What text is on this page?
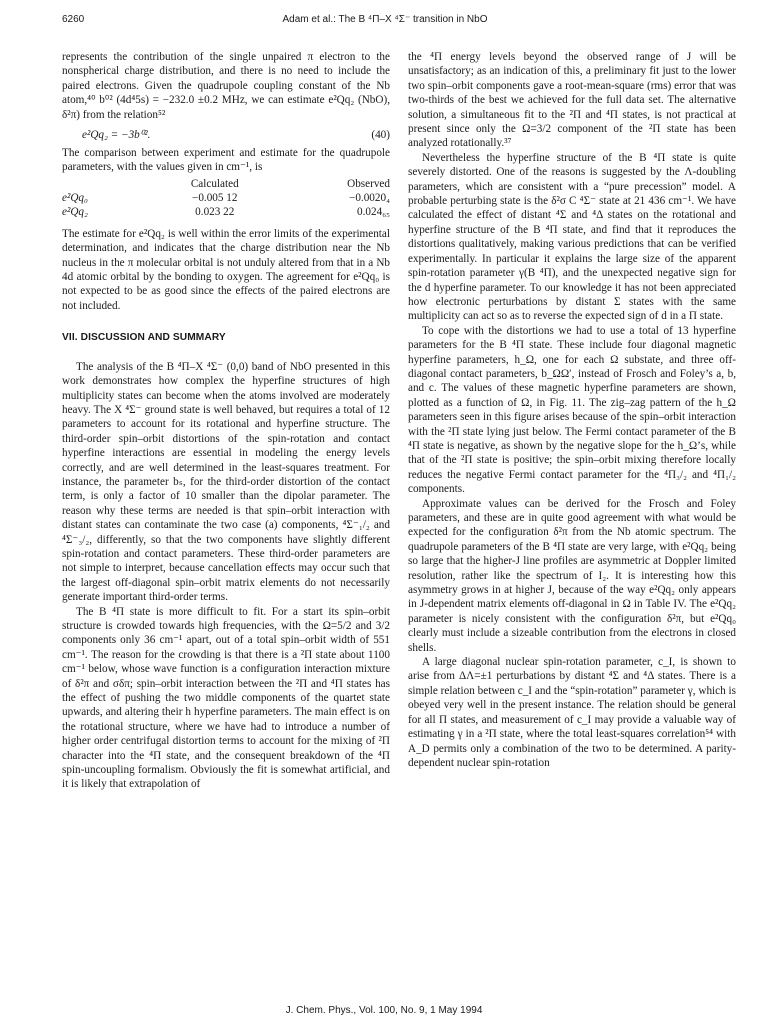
6260	Adam et al.: The B ⁴Π–X ⁴Σ⁻ transition in NbO

represents the contribution of the single unpaired π electron to the nonspherical charge distribution, and there is no need to include the paired electrons. Given the quadrupole coupling constant of the Nb atom,⁴⁰ b⁰² (4d⁴5s) = −232.0 ±0.2 MHz, we can estimate e²Qq₂ (NbO), δ²π) from the relation⁵²

e²Qq₂ = −3b⁰².	(40)

The comparison between experiment and estimate for the quadrupole parameters, with the values given in cm⁻¹, is

	Calculated	Observed
e²Qq₀	−0.005 12	−0.0020₄
e²Qq₂	0.023 22	0.024₆₅

The estimate for e²Qq₂ is well within the error limits of the experimental determination, and indicates that the charge distribution near the Nb nucleus in the π molecular orbital is not unduly altered from that in a Nb 4d atomic orbital by the bonding to oxygen. The agreement for e²Qq₀ is not expected to be as good since the effects of the paired electrons are not included.

VII. DISCUSSION AND SUMMARY

The analysis of the B ⁴Π–X ⁴Σ⁻ (0,0) band of NbO presented in this work demonstrates how complex the hyperfine structures of high multiplicity states can become when the atoms involved are moderately heavy. The X ⁴Σ⁻ ground state is well behaved, but requires a total of 12 parameters to account for its rotational and hyperfine structure. The third-order spin–orbit distortions of the spin-rotation and contact hyperfine interactions are essential in modeling the energy levels correctly, and are well determined in the least-squares treatment. For instance, the parameter bₛ, for the third-order distortion of the contact term, is only a factor of 10 smaller than the dipolar parameter. The reason why these terms are needed is that spin–orbit interaction with distant states can contaminate the two case (a) components, ⁴Σ⁻₁/₂ and ⁴Σ⁻₃/₂, differently, so that the two components have slightly different spin-rotation and contact parameters. These third-order parameters are not simple to interpret, because cancellation effects may occur such that the largest off-diagonal spin–orbit matrix elements do not necessarily generate important third-order terms.

The B ⁴Π state is more difficult to fit. For a start its spin–orbit structure is crowded towards high frequencies, with the Ω=5/2 and 3/2 components only 36 cm⁻¹ apart, out of a total spin–orbit width of 551 cm⁻¹. The reason for the crowding is that there is a ²Π state about 1100 cm⁻¹ below, whose wave function is a configuration interaction mixture of δ²π and σδπ; spin–orbit interaction between the ²Π and ⁴Π states has the effect of pushing the two middle components of the quartet state upwards, and altering their h hyperfine parameters. The main effect is on the rotational structure, where we have had to introduce a number of higher order centrifugal distortion terms to account for the mixing of ²Π character into the ⁴Π state, and the consequent breakdown of the ⁴Π spin-uncoupling formalism. Obviously the fit is somewhat artificial, and it is likely that extrapolation of

the ⁴Π energy levels beyond the observed range of J will be unsatisfactory; as an indication of this, a preliminary fit just to the lower two spin–orbit components gave a root-mean-square (rms) error that was two-thirds of the best we achieved for the full data set. The alternative solution, a simultaneous fit to the ²Π and ⁴Π states, is not practical at present since only the Ω=3/2 component of the ²Π state has been analyzed rotationally.³⁷

Nevertheless the hyperfine structure of the B ⁴Π state is quite severely distorted. One of the reasons is suggested by the Λ-doubling parameters, which are consistent with a “pure precession” model. A probable perturbing state is the δ²σ C ⁴Σ⁻ state at 21 436 cm⁻¹. We have calculated the effect of distant ⁴Σ and ⁴Δ states on the rotational and hyperfine structure of the B ⁴Π state, and find that it reproduces the distortions qualitatively, making various predictions that can be verified experimentally. In particular it explains the large size of the apparent spin-rotation parameter γ(B ⁴Π), and the unexpected negative sign for the d hyperfine parameter. To our knowledge it has not been appreciated how electronic perturbations by distant Σ states with the same multiplicity can act so as to reverse the expected sign of d in a Π state.

To cope with the distortions we had to use a total of 13 hyperfine parameters for the B ⁴Π state. These include four diagonal magnetic hyperfine parameters, h_Ω, one for each Ω substate, and three off-diagonal contact parameters, b_ΩΩ′, instead of Frosch and Foley’s a, b, and c. The values of these magnetic hyperfine parameters are shown, plotted as a function of Ω, in Fig. 11. The zig–zag pattern of the h_Ω parameters seen in this figure arises because of the spin–orbit interaction with the ²Π state lying just below. The Fermi contact parameter of the B ⁴Π state is negative, as shown by the negative slope for the h_Ω’s, while that of the ²Π state is positive; the spin–orbit mixing therefore locally reduces the negative Fermi contact parameter for the ⁴Π₃/₂ and ⁴Π₁/₂ components.

Approximate values can be derived for the Frosch and Foley parameters, and these are in quite good agreement with what would be expected for the configuration δ²π from the Nb atomic spectrum. The quadrupole parameters of the B ⁴Π state are very large, with e²Qq₂ being so large that the higher-J line profiles are asymmetric at Doppler limited resolution, rather like the spectrum of I₂. It is interesting how this asymmetry grows in at higher J, because of the way e²Qq₂ only appears in J-dependent matrix elements off-diagonal in Ω in Table IV. The e²Qq₂ parameter is nicely consistent with the configuration δ²π, but e²Qq₀ clearly must include a sizeable contribution from the electrons in closed shells.

A large diagonal nuclear spin-rotation parameter, c_I, is shown to arise from ΔΛ=±1 perturbations by distant ⁴Σ and ⁴Δ states. There is a simple relation between c_I and the “spin-rotation” parameter γ, which is obeyed very well in the present instance. The relation should be general for all Π states, and measurement of c_I may provide a valuable way of estimating γ in a ²Π state, where the total least-squares correlation⁵⁴ with A_D permits only a combination of the two to be determined. A parity-dependent nuclear spin-rotation

J. Chem. Phys., Vol. 100, No. 9, 1 May 1994
